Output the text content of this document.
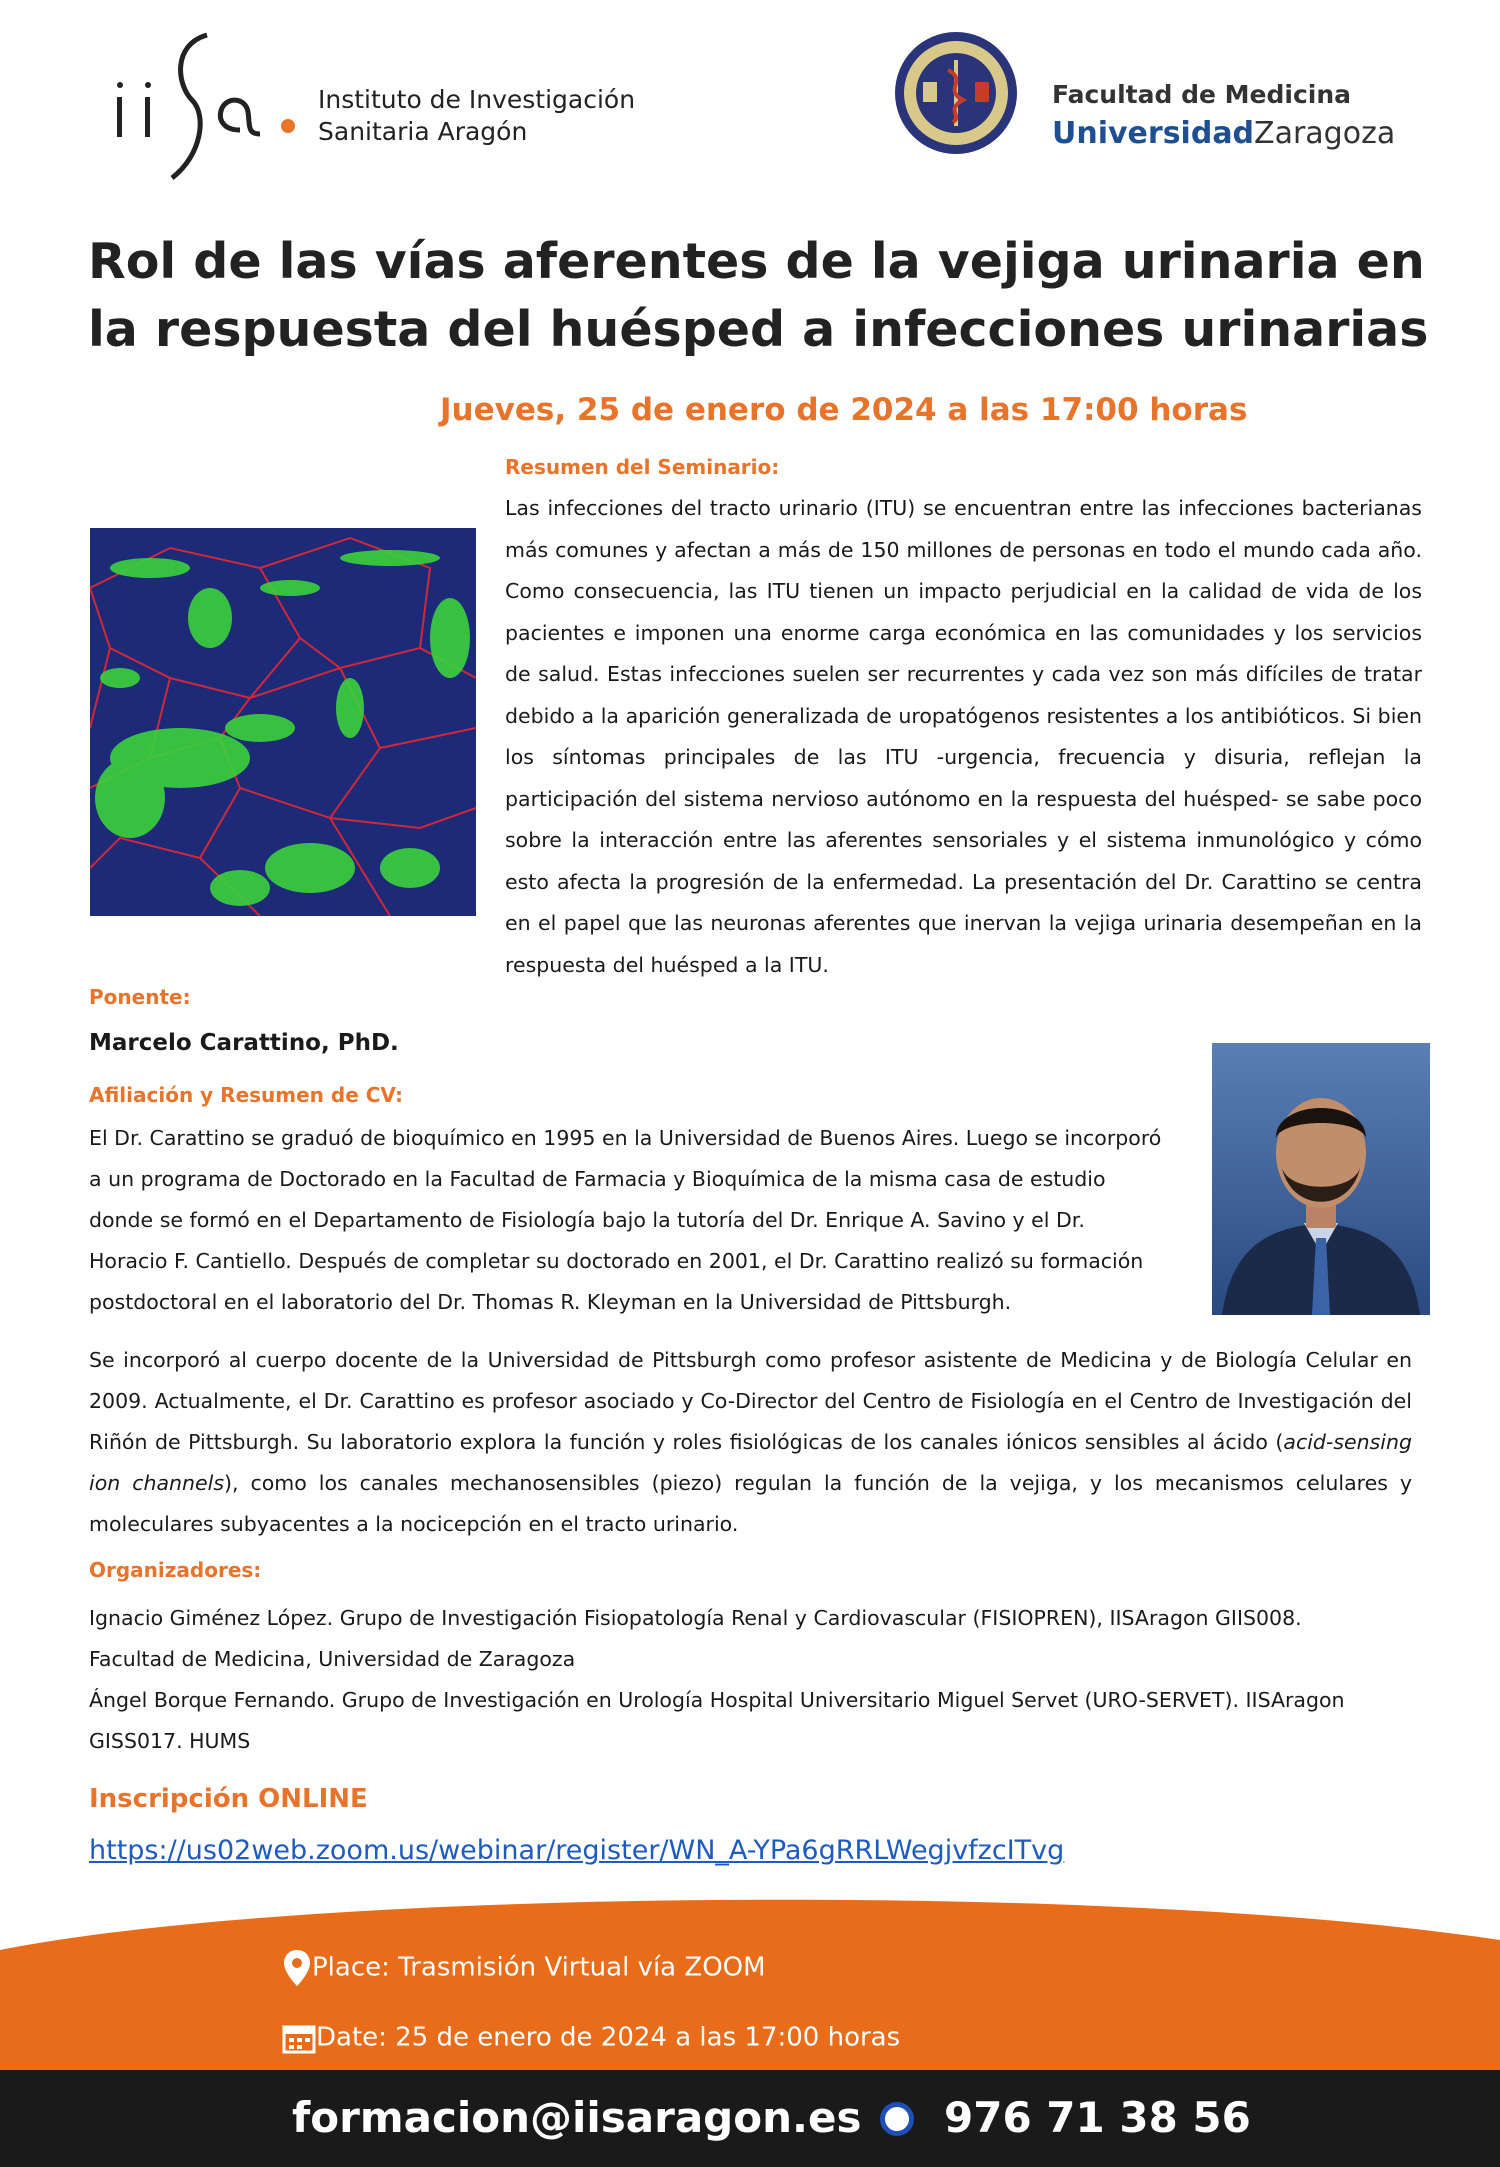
Instituto de Investigación
Sanitaria Aragón
Facultad de Medicina
UniversidadZaragoza
Rol de las vías aferentes de la vejiga urinaria en la respuesta del huésped a infecciones urinarias
Jueves, 25 de enero de 2024 a las 17:00 horas
Resumen del Seminario:
Las infecciones del tracto urinario (ITU) se encuentran entre las infecciones bacterianas más comunes y afectan a más de 150 millones de personas en todo el mundo cada año. Como consecuencia, las ITU tienen un impacto perjudicial en la calidad de vida de los pacientes e imponen una enorme carga económica en las comunidades y los servicios de salud. Estas infecciones suelen ser recurrentes y cada vez son más difíciles de tratar debido a la aparición generalizada de uropatógenos resistentes a los antibióticos. Si bien los síntomas principales de las ITU -urgencia, frecuencia y disuria, reflejan la participación del sistema nervioso autónomo en la respuesta del huésped- se sabe poco sobre la interacción entre las aferentes sensoriales y el sistema inmunológico y cómo esto afecta la progresión de la enfermedad. La presentación del Dr. Carattino se centra en el papel que las neuronas aferentes que inervan la vejiga urinaria desempeñan en la respuesta del huésped a la ITU.
Ponente:
Marcelo Carattino, PhD.
Afiliación y Resumen de CV:
El Dr. Carattino se graduó de bioquímico en 1995 en la Universidad de Buenos Aires. Luego se incorporó a un programa de Doctorado en la Facultad de Farmacia y Bioquímica de la misma casa de estudio donde se formó en el Departamento de Fisiología bajo la tutoría del Dr. Enrique A. Savino y el Dr. Horacio F. Cantiello. Después de completar su doctorado en 2001, el Dr. Carattino realizó su formación postdoctoral en el laboratorio del Dr. Thomas R. Kleyman en la Universidad de Pittsburgh.
Se incorporó al cuerpo docente de la Universidad de Pittsburgh como profesor asistente de Medicina y de Biología Celular en 2009. Actualmente, el Dr. Carattino es profesor asociado y Co-Director del Centro de Fisiología en el Centro de Investigación del Riñón de Pittsburgh. Su laboratorio explora la función y roles fisiológicas de los canales iónicos sensibles al ácido (acid-sensing ion channels), como los canales mechanosensibles (piezo) regulan la función de la vejiga, y los mecanismos celulares y moleculares subyacentes a la nocicepción en el tracto urinario.
Organizadores:
Ignacio Giménez López. Grupo de Investigación Fisiopatología Renal y Cardiovascular (FISIOPREN), IISAragon GIIS008.
Facultad de Medicina, Universidad de Zaragoza
Ángel Borque Fernando. Grupo de Investigación en Urología Hospital Universitario Miguel Servet (URO-SERVET). IISAragon GISS017. HUMS
Inscripción ONLINE
https://us02web.zoom.us/webinar/register/WN_A-YPa6gRRLWegjvfzcITvg
Place: Trasmisión Virtual vía ZOOM
Date: 25 de enero de 2024 a las 17:00 horas
formacion@iisaragon.es 976 71 38 56
